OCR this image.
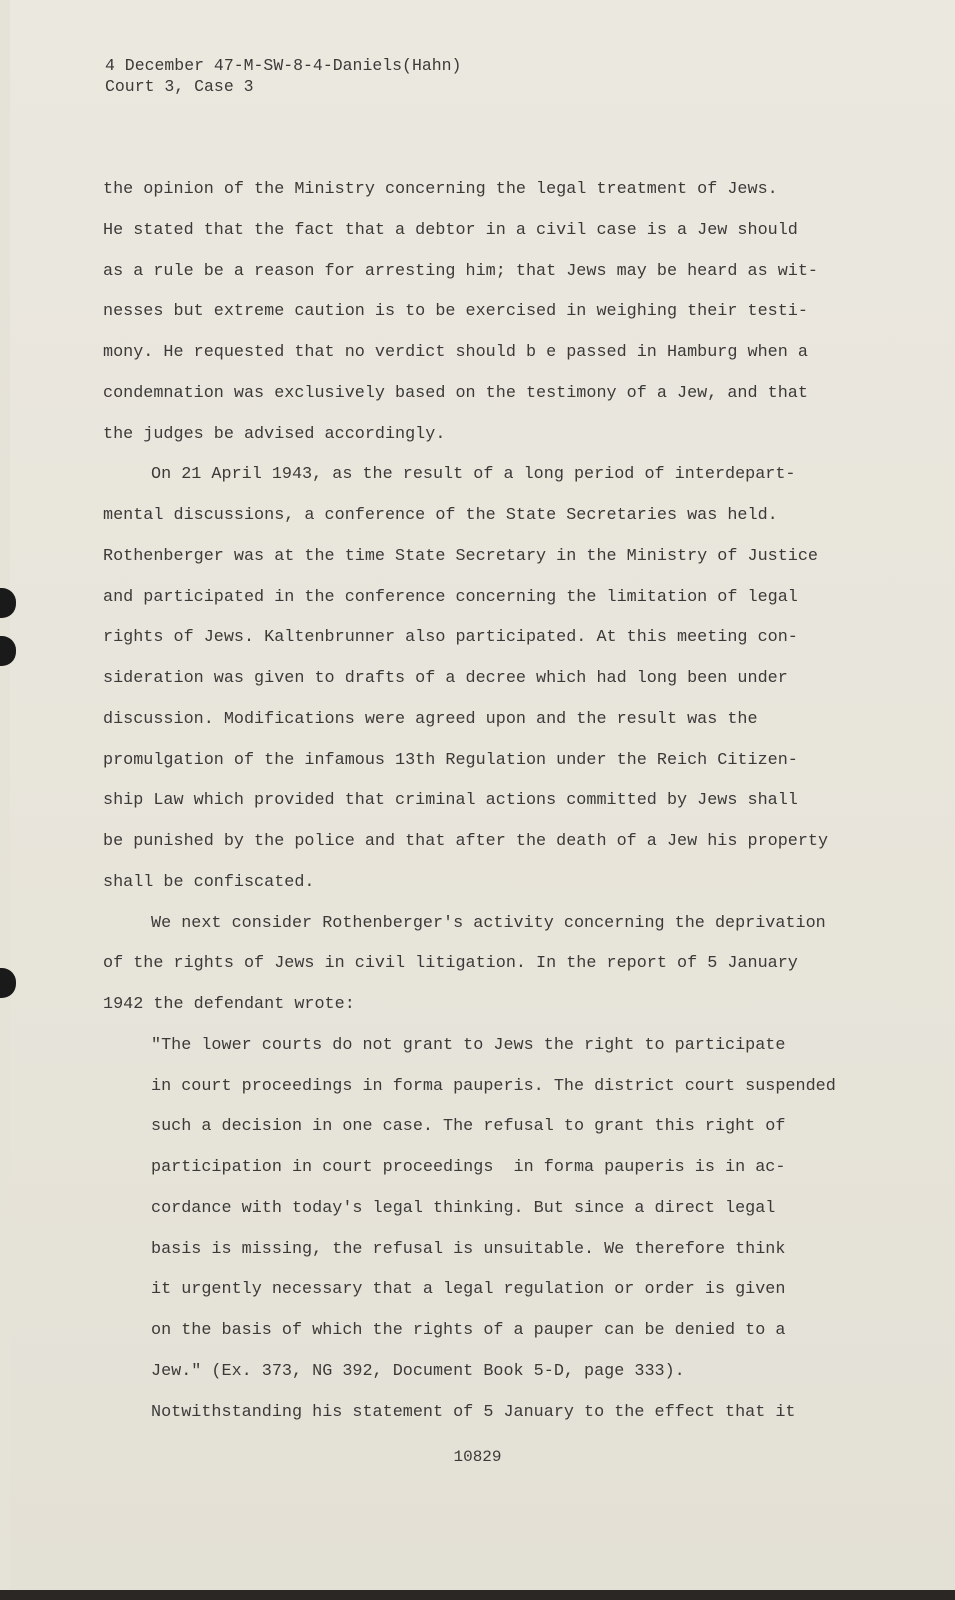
4 December 47-M-SW-8-4-Daniels(Hahn)
Court 3, Case 3
the opinion of the Ministry concerning the legal treatment of Jews.
He stated that the fact that a debtor in a civil case is a Jew should
as a rule be a reason for arresting him; that Jews may be heard as wit-
nesses but extreme caution is to be exercised in weighing their testi-
mony. He requested that no verdict should b e passed in Hamburg when a
condemnation was exclusively based on the testimony of a Jew, and that
the judges be advised accordingly.
On 21 April 1943, as the result of a long period of interdepart-
mental discussions, a conference of the State Secretaries was held.
Rothenberger was at the time State Secretary in the Ministry of Justice
and participated in the conference concerning the limitation of legal
rights of Jews. Kaltenbrunner also participated. At this meeting con-
sideration was given to drafts of a decree which had long been under
discussion. Modifications were agreed upon and the result was the
promulgation of the infamous 13th Regulation under the Reich Citizen-
ship Law which provided that criminal actions committed by Jews shall
be punished by the police and that after the death of a Jew his property
shall be confiscated.
We next consider Rothenberger's activity concerning the deprivation
of the rights of Jews in civil litigation. In the report of 5 January
1942 the defendant wrote:
"The lower courts do not grant to Jews the right to participate
in court proceedings in forma pauperis. The district court suspended
such a decision in one case. The refusal to grant this right of
participation in court proceedings  in forma pauperis is in ac-
cordance with today's legal thinking. But since a direct legal
basis is missing, the refusal is unsuitable. We therefore think
it urgently necessary that a legal regulation or order is given
on the basis of which the rights of a pauper can be denied to a
Jew." (Ex. 373, NG 392, Document Book 5-D, page 333).
Notwithstanding his statement of 5 January to the effect that it
10829
